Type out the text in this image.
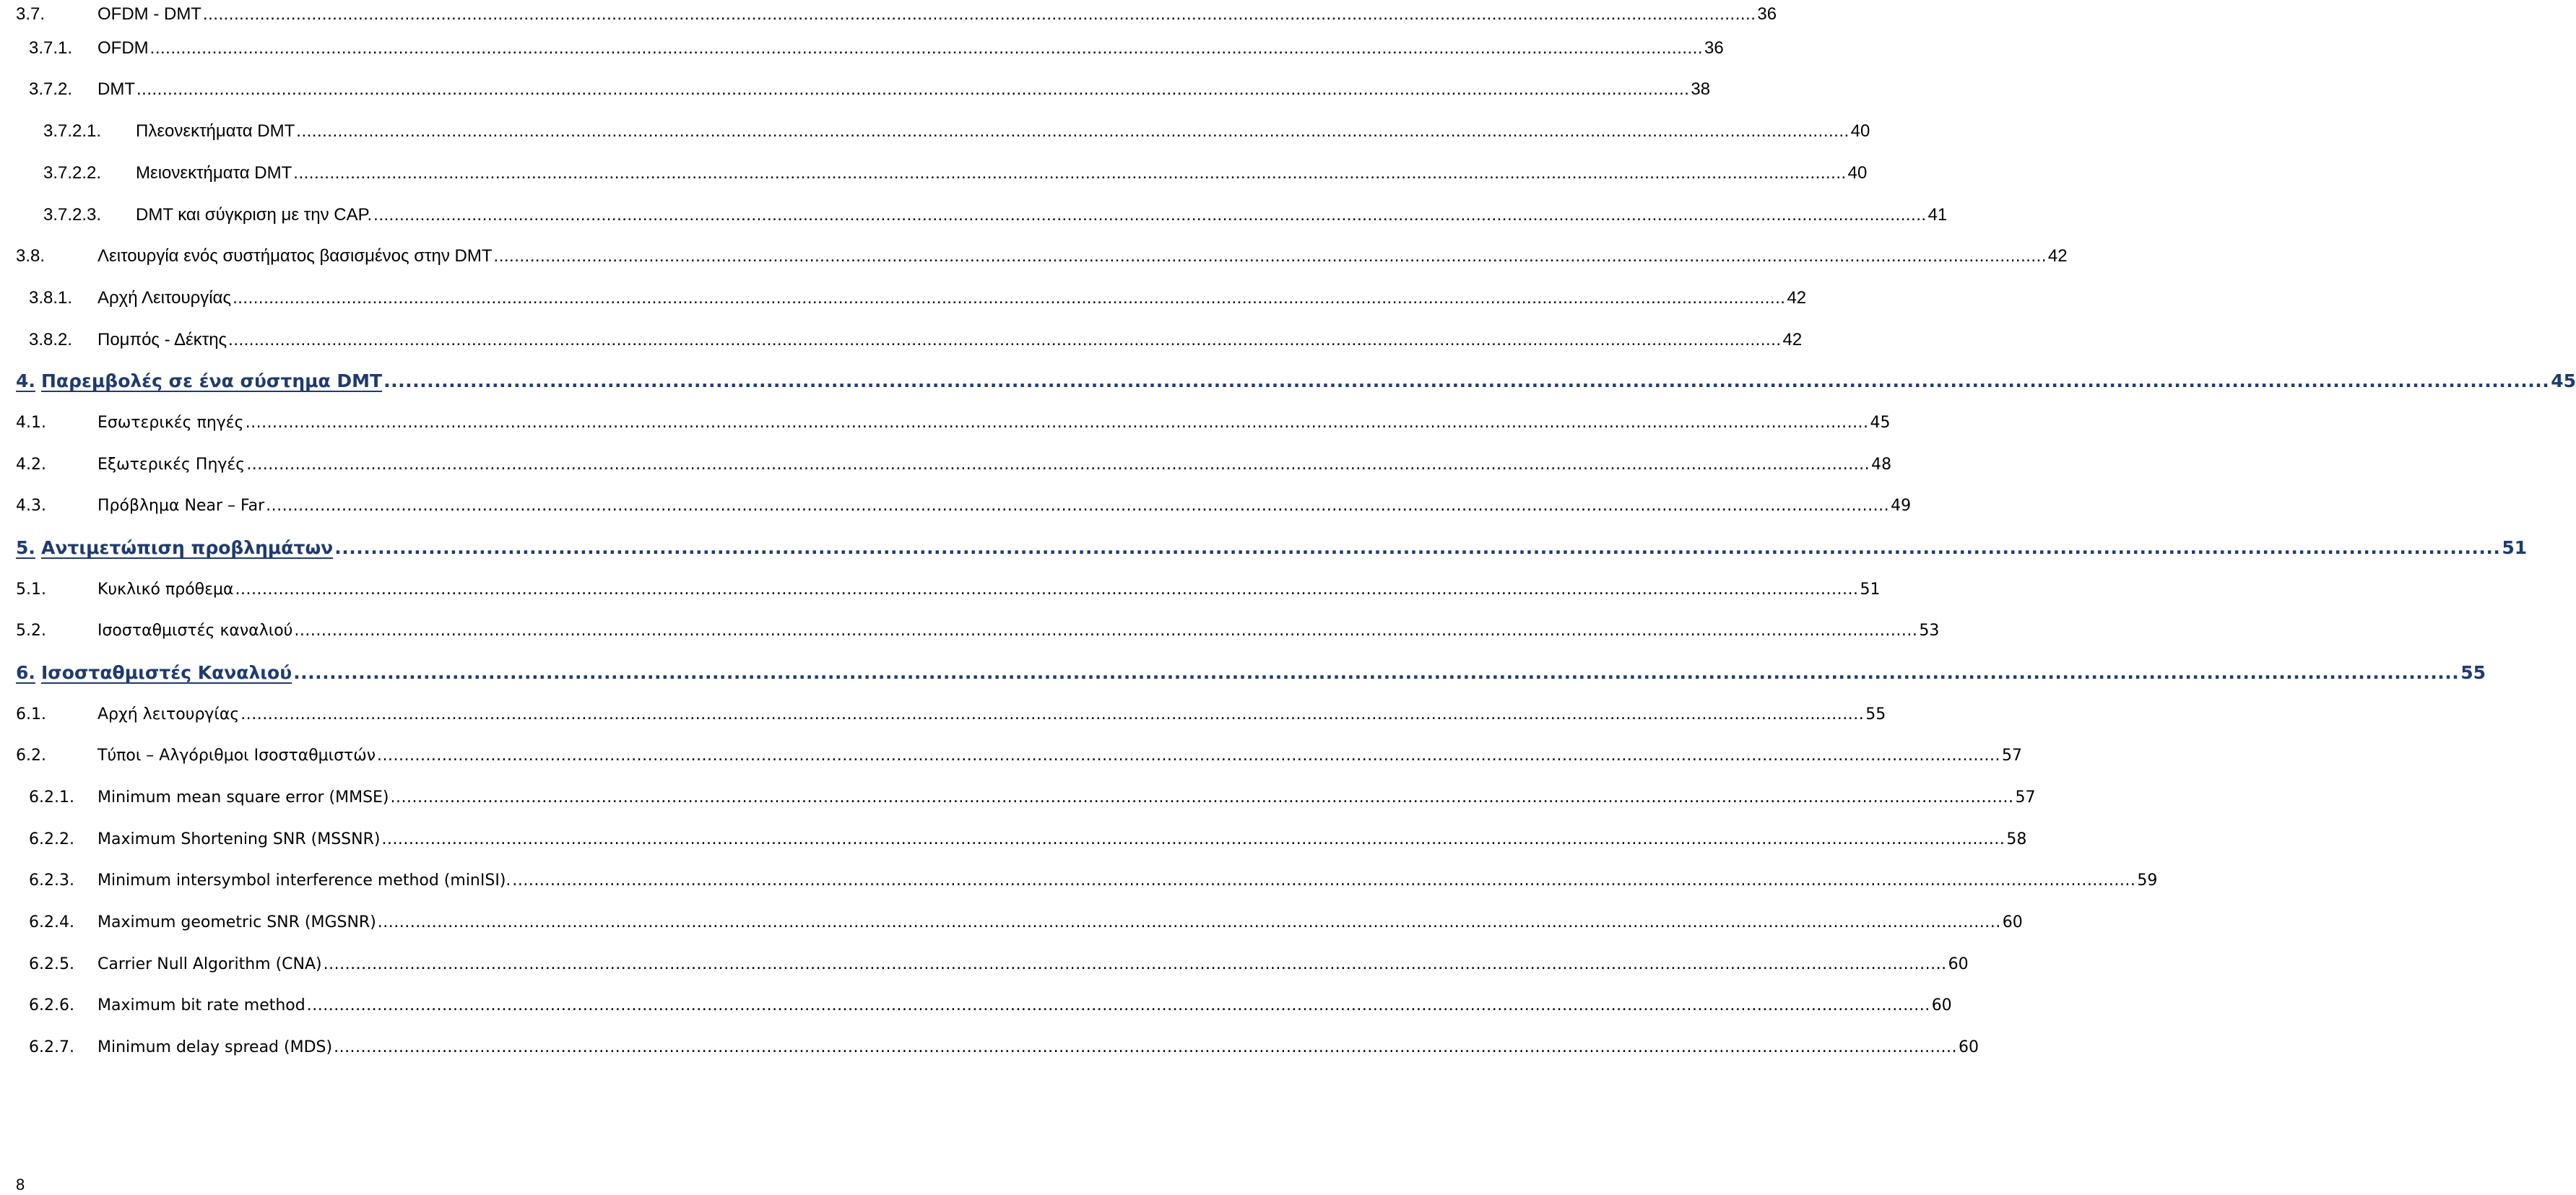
3.7.	OFDM - DMT ............................................................................................................................................................................................................................................................................................................ 36
3.7.1.	OFDM ............................................................................................................................................................................................................................................................................................................ 36
3.7.2.	DMT ............................................................................................................................................................................................................................................................................................................ 38
3.7.2.1.	Πλεονεκτήματα DMT ............................................................................................................................................................................................................................................................................................................ 40
3.7.2.2.	Μειονεκτήματα DMT ............................................................................................................................................................................................................................................................................................................ 40
3.7.2.3.	DMT και σύγκριση με την CAP. ............................................................................................................................................................................................................................................................................................................ 41
3.8.	Λειτουργία ενός συστήματος βασισμένος στην DMT ............................................................................................................................................................................................................................................................................................................ 42
3.8.1.	Αρχή Λειτουργίας ............................................................................................................................................................................................................................................................................................................ 42
3.8.2.	Πομπός - Δέκτης ............................................................................................................................................................................................................................................................................................................ 42
4. Παρεμβολές σε ένα σύστημα DMT ............................................................................................................................................................................................................................................................................................................ 45
4.1.	Εσωτερικές πηγές ............................................................................................................................................................................................................................................................................................................ 45
4.2.	Εξωτερικές Πηγές ............................................................................................................................................................................................................................................................................................................ 48
4.3.	Πρόβλημα Near – Far ............................................................................................................................................................................................................................................................................................................ 49
5. Αντιμετώπιση προβλημάτων ............................................................................................................................................................................................................................................................................................................ 51
5.1.	Κυκλικό πρόθεμα ............................................................................................................................................................................................................................................................................................................ 51
5.2.	Ισοσταθμιστές καναλιού ............................................................................................................................................................................................................................................................................................................ 53
6. Ισοσταθμιστές Καναλιού ............................................................................................................................................................................................................................................................................................................ 55
6.1.	Αρχή λειτουργίας ............................................................................................................................................................................................................................................................................................................ 55
6.2.	Τύποι – Αλγόριθμοι Ισοσταθμιστών ............................................................................................................................................................................................................................................................................................................ 57
6.2.1.	Minimum mean square error (MMSE) ............................................................................................................................................................................................................................................................................................................ 57
6.2.2.	Maximum Shortening SNR (MSSNR) ............................................................................................................................................................................................................................................................................................................ 58
6.2.3.	Minimum intersymbol interference method (minISI). ............................................................................................................................................................................................................................................................................................................ 59
6.2.4.	Maximum geometric SNR (MGSNR) ............................................................................................................................................................................................................................................................................................................ 60
6.2.5.	Carrier Null Algorithm (CNA) ............................................................................................................................................................................................................................................................................................................ 60
6.2.6.	Maximum bit rate method ............................................................................................................................................................................................................................................................................................................ 60
6.2.7.	Minimum delay spread (MDS) ............................................................................................................................................................................................................................................................................................................ 60
8
